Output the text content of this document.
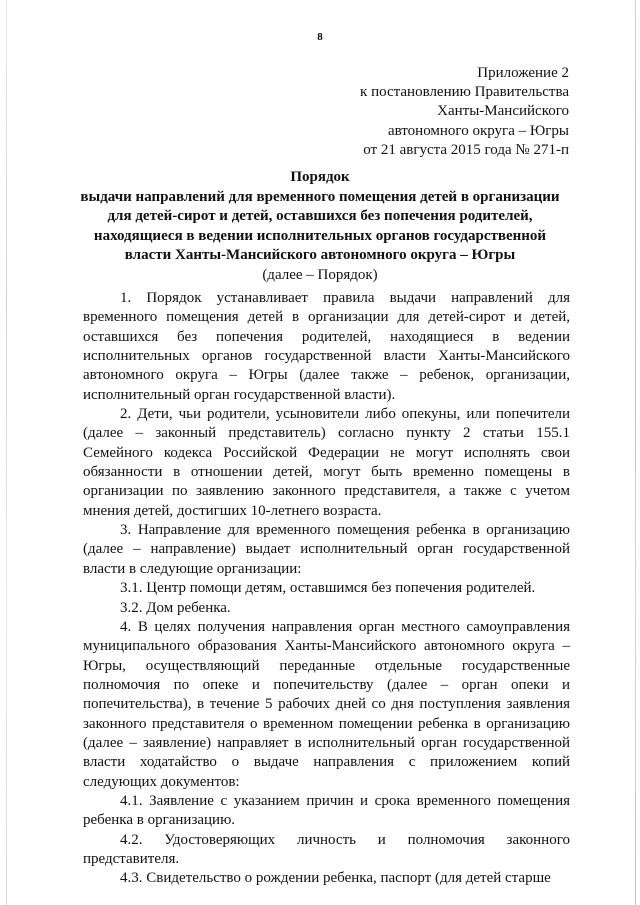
8
Приложение 2
к постановлению Правительства
Ханты-Мансийского
автономного округа – Югры
от 21 августа 2015 года № 271-п
Порядок
выдачи направлений для временного помещения детей в организации
для детей-сирот и детей, оставшихся без попечения родителей,
находящиеся в ведении исполнительных органов государственной
власти Ханты-Мансийского автономного округа – Югры
(далее – Порядок)

1. Порядок устанавливает правила выдачи направлений для временного помещения детей в организации для детей-сирот и детей, оставшихся без попечения родителей, находящиеся в ведении исполнительных органов государственной власти Ханты-Мансийского автономного округа – Югры (далее также – ребенок, организации, исполнительный орган государственной власти).

2. Дети, чьи родители, усыновители либо опекуны, или попечители (далее – законный представитель) согласно пункту 2 статьи 155.1 Семейного кодекса Российской Федерации не могут исполнять свои обязанности в отношении детей, могут быть временно помещены в организации по заявлению законного представителя, а также с учетом мнения детей, достигших 10-летнего возраста.

3. Направление для временного помещения ребенка в организацию (далее – направление) выдает исполнительный орган государственной власти в следующие организации:

3.1. Центр помощи детям, оставшимся без попечения родителей.

3.2. Дом ребенка.

4. В целях получения направления орган местного самоуправления муниципального образования Ханты-Мансийского автономного округа – Югры, осуществляющий переданные отдельные государственные полномочия по опеке и попечительству (далее – орган опеки и попечительства), в течение 5 рабочих дней со дня поступления заявления законного представителя о временном помещении ребенка в организацию (далее – заявление) направляет в исполнительный орган государственной власти ходатайство о выдаче направления с приложением копий следующих документов:

4.1. Заявление с указанием причин и срока временного помещения ребенка в организацию.

4.2. Удостоверяющих личность и полномочия законного представителя.

4.3. Свидетельство о рождении ребенка, паспорт (для детей старше
